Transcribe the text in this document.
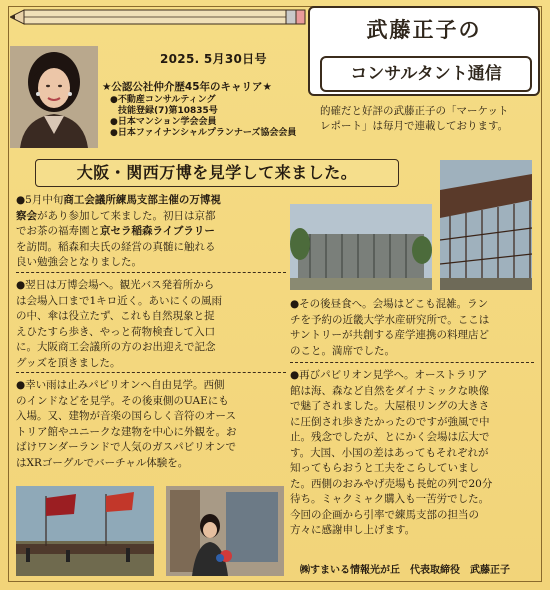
2025. 5月30日号
★公認公社仲介歴45年のキャリア★
●不動産コンサルティング
技能登録(7)第10835号
●日本マンション学会会員
●日本ファイナンシャルプランナーズ協会会員
武藤正子の
コンサルタント通信
的確だと好評の武藤正子の「マーケット
レポート」は毎月で連載しております。
大阪・関西万博を見学して来ました。
●5月中旬商工会議所練馬支部主催の万博視
察会があり参加して来ました。初日は京都
でお茶の福寿園と京セラ稲森ライブラリー
を訪問。稲森和夫氏の経営の真髄に触れる
良い勉強会となりました。
●翌日は万博会場へ。観光バス発着所から
は会場入口まで1キロ近く。あいにくの風雨
の中、傘は役立たず、これも自然現象と捉
えひたすら歩き、やっと荷物検査して入口
に。大阪商工会議所の方のお出迎えで記念
グッズを頂きました。
●幸い雨は止みパビリオンへ自由見学。西側
のインドなどを見学。その後東側のUAEにも
入場。又、建物が音楽の国らしく音符のオース
トリア館やユニークな建物を中心に外観を。お
ばけワンダーランドで人気のガスパビリオンで
はXRゴーグルでバーチャル体験を。
●その後昼食へ。会場はどこも混雑。ラン
チを予約の近畿大学水産研究所で。ここは
サントリーが共創する産学連携の料理店ど
のこと。満席でした。
●再びパビリオン見学へ。オーストラリア
館は海、森など自然をダイナミックな映像
で魅了されました。大屋根リングの大きさ
に圧倒され歩きたかったのですが強風で中
止。残念でしたが、とにかく会場は広大で
す。大国、小国の差はあってもそれぞれが
知ってもらおうと工夫をこらしていまし
た。西側のおみやげ売場も長蛇の列で20分
待ち。ミャクミャク購入も一苦労でした。
今回の企画から引率で練馬支部の担当の
方々に感謝申し上げます。
㈱すまいる情報光が丘　代表取締役　武藤正子
